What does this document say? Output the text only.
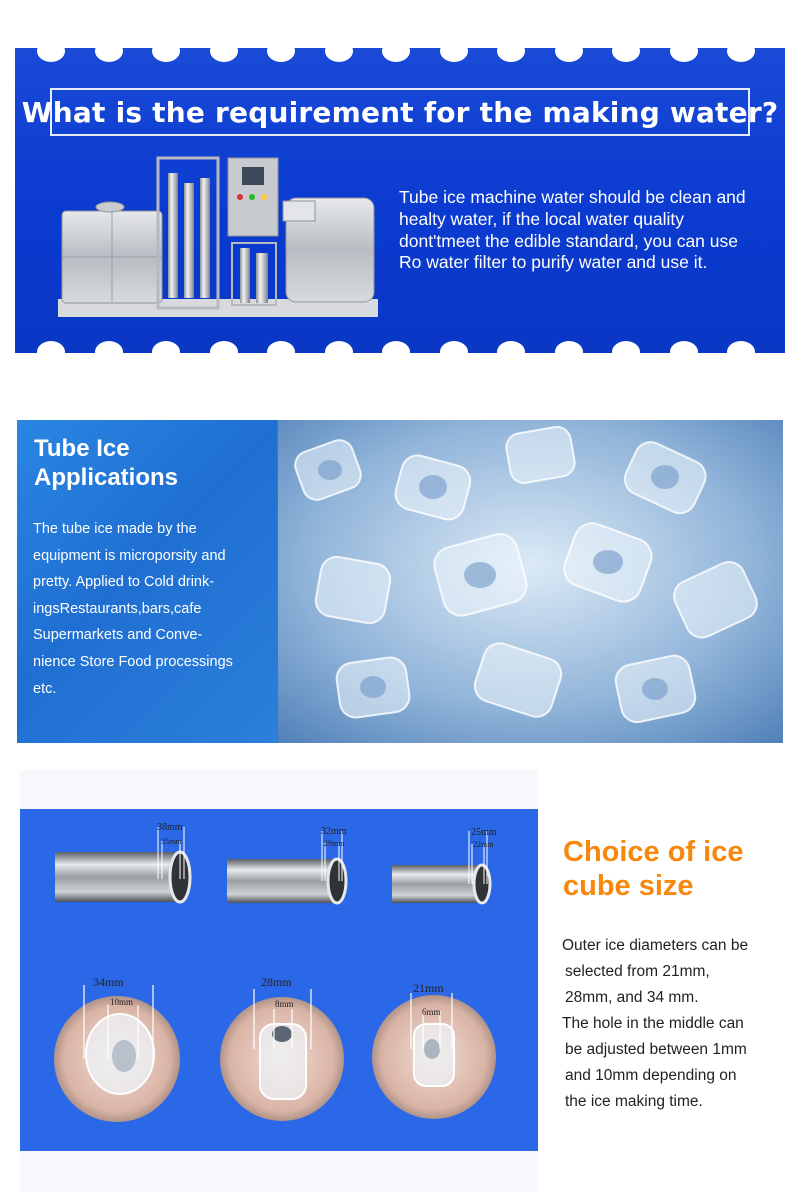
What is the requirement for the making water?
Tube ice machine water should be clean and healty water, if the local water quality dont'tmeet the edible standard, you can use Ro water filter to purify water and use it.
Tube Ice Applications
The tube ice made by the
equipment is microporsity and
pretty. Applied to Cold drink-
ingsRestaurants,bars,cafe
Supermarkets and Conve-
nience Store Food processings
etc.
38mm
35mm
32mm
29mm
25mm
22mm
34mm
10mm
28mm
8mm
21mm
6mm
Choice of ice cube size
Outer ice diameters can be
selected from 21mm,
28mm, and 34 mm.
The hole in the middle can
be adjusted between 1mm
and 10mm depending on
the ice making time.
